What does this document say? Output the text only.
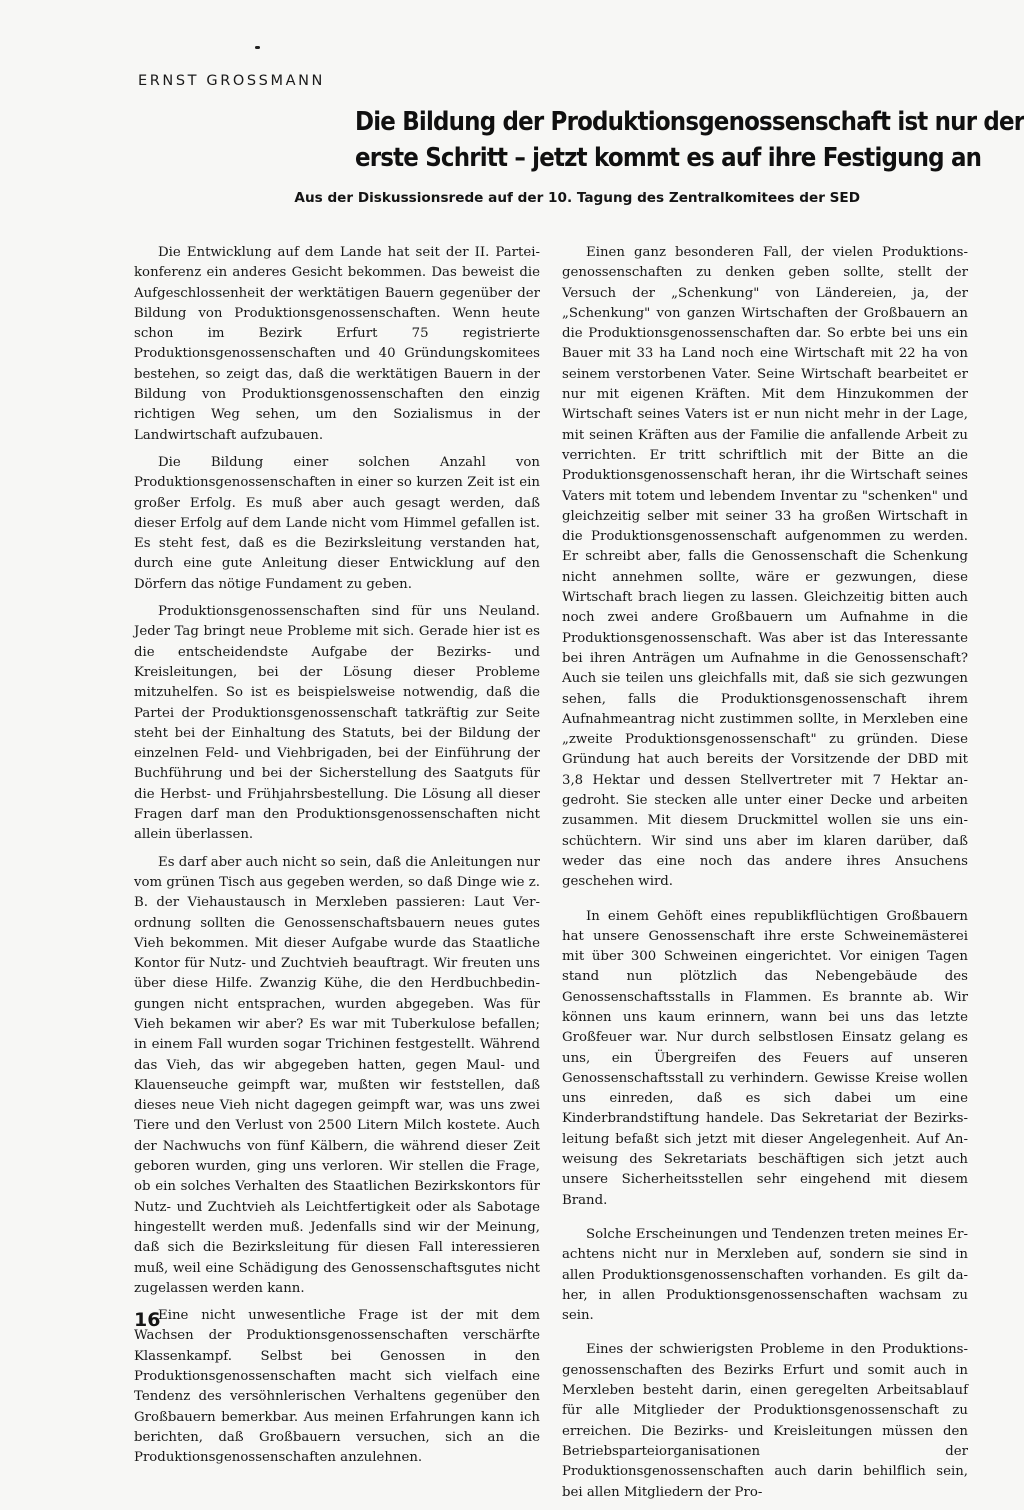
ERNST GROSSMANN
Die Bildung der Produktionsgenossenschaft ist nur der
erste Schritt – jetzt kommt es auf ihre Festigung an
Aus der Diskussionsrede auf der 10. Tagung des Zentralkomitees der SED

Die Entwicklung auf dem Lande hat seit der II. Parteikonferenz ein anderes Gesicht bekommen. Das beweist die Aufgeschlossenheit der werktätigen Bauern gegenüber der Bildung von Produktionsgenossenschaften. Wenn heute schon im Bezirk Erfurt 75 registrierte Produktionsgenossenschaften und 40 Gründungskomitees bestehen, so zeigt das, daß die werktätigen Bauern in der Bildung von Produktionsgenossenschaften den einzig richtigen Weg sehen, um den Sozialismus in der Landwirtschaft aufzubauen.

Die Bildung einer solchen Anzahl von Produktionsgenossenschaften in einer so kurzen Zeit ist ein großer Erfolg. Es muß aber auch gesagt werden, daß dieser Erfolg auf dem Lande nicht vom Himmel gefallen ist. Es steht fest, daß es die Bezirksleitung verstanden hat, durch eine gute Anleitung dieser Entwicklung auf den Dörfern das nötige Fundament zu geben.

Produktionsgenossenschaften sind für uns Neuland. Jeder Tag bringt neue Probleme mit sich. Gerade hier ist es die entscheidendste Aufgabe der Bezirks- und Kreisleitungen, bei der Lösung dieser Probleme mitzuhelfen. So ist es beispielsweise notwendig, daß die Partei der Produktionsgenossenschaft tatkräftig zur Seite steht bei der Einhaltung des Statuts, bei der Bildung der einzelnen Feld- und Viehbrigaden, bei der Einführung der Buchführung und bei der Sicherstellung des Saatguts für die Herbst- und Frühjahrsbestellung. Die Lösung all dieser Fragen darf man den Produktionsgenossenschaften nicht allein überlassen.

Es darf aber auch nicht so sein, daß die Anleitungen nur vom grünen Tisch aus gegeben werden, so daß Dinge wie z. B. der Viehaustausch in Merxleben passieren: Laut Verordnung sollten die Genossenschaftsbauern neues gutes Vieh bekommen. Mit dieser Aufgabe wurde das Staatliche Kontor für Nutz- und Zuchtvieh beauftragt. Wir freuten uns über diese Hilfe. Zwanzig Kühe, die den Herdbuchbedingungen nicht entsprachen, wurden abgegeben. Was für Vieh bekamen wir aber? Es war mit Tuberkulose befallen; in einem Fall wurden sogar Trichinen festgestellt. Während das Vieh, das wir abgegeben hatten, gegen Maul- und Klauenseuche geimpft war, mußten wir feststellen, daß dieses neue Vieh nicht dagegen geimpft war, was uns zwei Tiere und den Verlust von 2500 Litern Milch kostete. Auch der Nachwuchs von fünf Kälbern, die während dieser Zeit geboren wurden, ging uns verloren. Wir stellen die Frage, ob ein solches Verhalten des Staatlichen Bezirkskontors für Nutz- und Zuchtvieh als Leichtfertigkeit oder als Sabotage hingestellt werden muß. Jedenfalls sind wir der Meinung, daß sich die Bezirksleitung für diesen Fall interessieren muß, weil eine Schädigung des Genossenschaftsgutes nicht zugelassen werden kann.

Eine nicht unwesentliche Frage ist der mit dem Wachsen der Produktionsgenossenschaften verschärfte Klassenkampf. Selbst bei Genossen in den Produktionsgenossenschaften macht sich vielfach eine Tendenz des versöhnlerischen Verhaltens gegenüber den Großbauern bemerkbar. Aus meinen Erfahrungen kann ich berichten, daß Großbauern versuchen, sich an die Produktionsgenossenschaften anzulehnen.

Einen ganz besonderen Fall, der vielen Produktionsgenossenschaften zu denken geben sollte, stellt der Versuch der „Schenkung" von Ländereien, ja, der „Schenkung" von ganzen Wirtschaften der Großbauern an die Produktionsgenossenschaften dar. So erbte bei uns ein Bauer mit 33 ha Land noch eine Wirtschaft mit 22 ha von seinem verstorbenen Vater. Seine Wirtschaft bearbeitet er nur mit eigenen Kräften. Mit dem Hinzukommen der Wirtschaft seines Vaters ist er nun nicht mehr in der Lage, mit seinen Kräften aus der Familie die anfallende Arbeit zu verrichten. Er tritt schriftlich mit der Bitte an die Produktionsgenossenschaft heran, ihr die Wirtschaft seines Vaters mit totem und lebendem Inventar zu "schenken" und gleichzeitig selber mit seiner 33 ha großen Wirtschaft in die Produktionsgenossenschaft aufgenommen zu werden. Er schreibt aber, falls die Genossenschaft die Schenkung nicht annehmen sollte, wäre er gezwungen, diese Wirtschaft brach liegen zu lassen. Gleichzeitig bitten auch noch zwei andere Großbauern um Aufnahme in die Produktionsgenossenschaft. Was aber ist das Interessante bei ihren Anträgen um Aufnahme in die Genossenschaft? Auch sie teilen uns gleichfalls mit, daß sie sich gezwungen sehen, falls die Produktionsgenossenschaft ihrem Aufnahmeantrag nicht zustimmen sollte, in Merxleben eine „zweite Produktionsgenossenschaft" zu gründen. Diese Gründung hat auch bereits der Vorsitzende der DBD mit 3,8 Hektar und dessen Stellvertreter mit 7 Hektar angedroht. Sie stecken alle unter einer Decke und arbeiten zusammen. Mit diesem Druckmittel wollen sie uns einschüchtern. Wir sind uns aber im klaren darüber, daß weder das eine noch das andere ihres Ansuchens geschehen wird.

In einem Gehöft eines republikflüchtigen Großbauern hat unsere Genossenschaft ihre erste Schweinemästerei mit über 300 Schweinen eingerichtet. Vor einigen Tagen stand nun plötzlich das Nebengebäude des Genossenschaftsstalls in Flammen. Es brannte ab. Wir können uns kaum erinnern, wann bei uns das letzte Großfeuer war. Nur durch selbstlosen Einsatz gelang es uns, ein Übergreifen des Feuers auf unseren Genossenschaftsstall zu verhindern. Gewisse Kreise wollen uns einreden, daß es sich dabei um eine Kinderbrandstiftung handele. Das Sekretariat der Bezirksleitung befaßt sich jetzt mit dieser Angelegenheit. Auf Anweisung des Sekretariats beschäftigen sich jetzt auch unsere Sicherheitsstellen sehr eingehend mit diesem Brand.

Solche Erscheinungen und Tendenzen treten meines Erachtens nicht nur in Merxleben auf, sondern sie sind in allen Produktionsgenossenschaften vorhanden. Es gilt daher, in allen Produktionsgenossenschaften wachsam zu sein.

Eines der schwierigsten Probleme in den Produktionsgenossenschaften des Bezirks Erfurt und somit auch in Merxleben besteht darin, einen geregelten Arbeitsablauf für alle Mitglieder der Produktionsgenossenschaft zu erreichen. Die Bezirks- und Kreisleitungen müssen den Betriebsparteiorganisationen der Produktionsgenossenschaften auch darin behilflich sein, bei allen Mitgliedern der Pro-

16
